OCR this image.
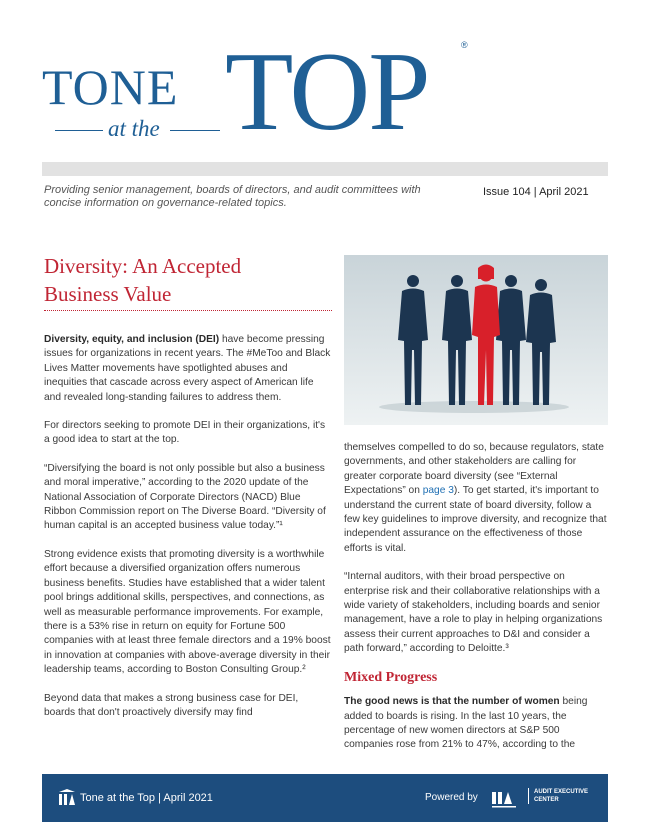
TONE TOP	®
at the
Providing senior management, boards of directors, and audit committees with concise information on governance-related topics.
Issue 104 | April 2021
Diversity: An Accepted Business Value

Diversity, equity, and inclusion (DEI) have become pressing issues for organizations in recent years. The #MeToo and Black Lives Matter movements have spotlighted abuses and inequities that cascade across every aspect of American life and revealed long-standing failures to address them.

For directors seeking to promote DEI in their organizations, it's a good idea to start at the top.

“Diversifying the board is not only possible but also a business and moral imperative,” according to the 2020 update of the National Association of Corporate Directors (NACD) Blue Ribbon Commission report on The Diverse Board. “Diversity of human capital is an accepted business value today.”¹

Strong evidence exists that promoting diversity is a worthwhile effort because a diversified organization offers numerous business benefits. Studies have established that a wider talent pool brings additional skills, perspectives, and connections, as well as measurable performance improvements. For example, there is a 53% rise in return on equity for Fortune 500 companies with at least three female directors and a 19% boost in innovation at companies with above-average diversity in their leadership teams, according to Boston Consulting Group.²

Beyond data that makes a strong business case for DEI, boards that don't proactively diversify may find

themselves compelled to do so, because regulators, state governments, and other stakeholders are calling for greater corporate board diversity (see “External Expectations” on page 3). To get started, it's important to understand the current state of board diversity, follow a few key guidelines to improve diversity, and recognize that independent assurance on the effectiveness of those efforts is vital.

“Internal auditors, with their broad perspective on enterprise risk and their collaborative relationships with a wide variety of stakeholders, including boards and senior management, have a role to play in helping organizations assess their current approaches to D&I and consider a path forward,” according to Deloitte.³

Mixed Progress

The good news is that the number of women being added to boards is rising. In the last 10 years, the percentage of new women directors at S&P 500 companies rose from 21% to 47%, according to the

Tone at the Top | April 2021	Powered by	AUDIT EXECUTIVE
CENTER
